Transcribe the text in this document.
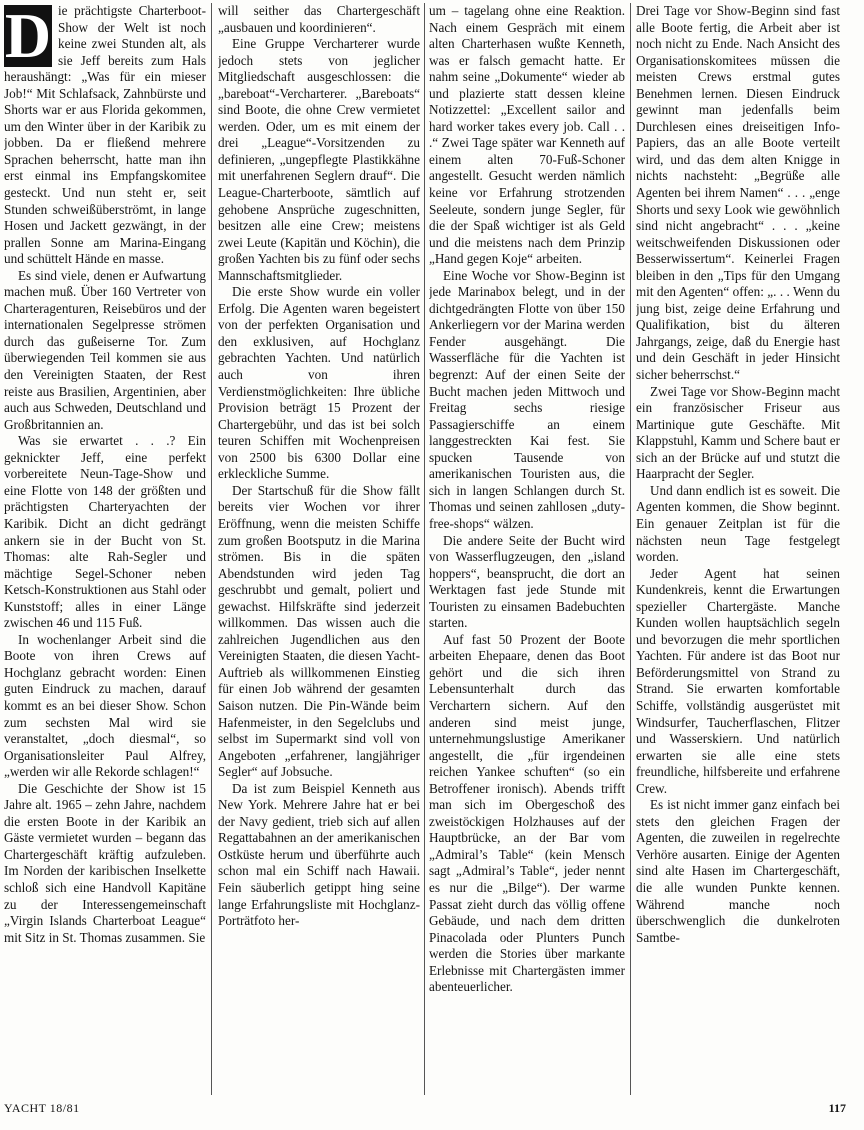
D ie prächtigste Charterboot-Show der Welt ist noch keine zwei Stunden alt, als sie Jeff bereits zum Hals heraushängt: „Was für ein mieser Job!“ Mit Schlafsack, Zahnbürste und Shorts war er aus Florida gekommen, um den Winter über in der Karibik zu jobben. Da er fließend mehrere Sprachen beherrscht, hatte man ihn erst einmal ins Empfangskomitee gesteckt. Und nun steht er, seit Stunden schweißüberströmt, in lange Hosen und Jackett gezwängt, in der prallen Sonne am Marina-Eingang und schüttelt Hände en masse.

Es sind viele, denen er Aufwartung machen muß. Über 160 Vertreter von Charteragenturen, Reisebüros und der internationalen Segelpresse strömen durch das gußeiserne Tor. Zum überwiegenden Teil kommen sie aus den Vereinigten Staaten, der Rest reiste aus Brasilien, Argentinien, aber auch aus Schweden, Deutschland und Großbritannien an.

Was sie erwartet . . .? Ein geknickter Jeff, eine perfekt vorbereitete Neun-Tage-Show und eine Flotte von 148 der größten und prächtigsten Charteryachten der Karibik. Dicht an dicht gedrängt ankern sie in der Bucht von St. Thomas: alte Rah-Segler und mächtige Segel-Schoner neben Ketsch-Konstruktionen aus Stahl oder Kunststoff; alles in einer Länge zwischen 46 und 115 Fuß.

In wochenlanger Arbeit sind die Boote von ihren Crews auf Hochglanz gebracht worden: Einen guten Eindruck zu machen, darauf kommt es an bei dieser Show. Schon zum sechsten Mal wird sie veranstaltet, „doch diesmal“, so Organisationsleiter Paul Alfrey, „werden wir alle Rekorde schlagen!“

Die Geschichte der Show ist 15 Jahre alt. 1965 – zehn Jahre, nachdem die ersten Boote in der Karibik an Gäste vermietet wurden – begann das Chartergeschäft kräftig aufzuleben. Im Norden der karibischen Inselkette schloß sich eine Handvoll Kapitäne zu der Interessengemeinschaft „Virgin Islands Charterboat League“ mit Sitz in St. Thomas zusammen. Sie

will seither das Chartergeschäft „ausbauen und koordinieren“.

Eine Gruppe Vercharterer wurde jedoch stets von jeglicher Mitgliedschaft ausgeschlossen: die „bareboat“-Vercharterer. „Bareboats“ sind Boote, die ohne Crew vermietet werden. Oder, um es mit einem der drei „League“-Vorsitzenden zu definieren, „ungepflegte Plastikkähne mit unerfahrenen Seglern drauf“. Die League-Charterboote, sämtlich auf gehobene Ansprüche zugeschnitten, besitzen alle eine Crew; meistens zwei Leute (Kapitän und Köchin), die großen Yachten bis zu fünf oder sechs Mannschaftsmitglieder.

Die erste Show wurde ein voller Erfolg. Die Agenten waren begeistert von der perfekten Organisation und den exklusiven, auf Hochglanz gebrachten Yachten. Und natürlich auch von ihren Verdienstmöglichkeiten: Ihre übliche Provision beträgt 15 Prozent der Chartergebühr, und das ist bei solch teuren Schiffen mit Wochenpreisen von 2500 bis 6300 Dollar eine erkleckliche Summe.

Der Startschuß für die Show fällt bereits vier Wochen vor ihrer Eröffnung, wenn die meisten Schiffe zum großen Bootsputz in die Marina strömen. Bis in die späten Abendstunden wird jeden Tag geschrubbt und gemalt, poliert und gewachst. Hilfskräfte sind jederzeit willkommen. Das wissen auch die zahlreichen Jugendlichen aus den Vereinigten Staaten, die diesen Yacht-Auftrieb als willkommenen Einstieg für einen Job während der gesamten Saison nutzen. Die Pin-Wände beim Hafenmeister, in den Segelclubs und selbst im Supermarkt sind voll von Angeboten „erfahrener, langjähriger Segler“ auf Jobsuche.

Da ist zum Beispiel Kenneth aus New York. Mehrere Jahre hat er bei der Navy gedient, trieb sich auf allen Regattabahnen an der amerikanischen Ostküste herum und überführte auch schon mal ein Schiff nach Hawaii. Fein säuberlich getippt hing seine lange Erfahrungsliste mit Hochglanz-Porträtfoto her-

um – tagelang ohne eine Reaktion. Nach einem Gespräch mit einem alten Charterhasen wußte Kenneth, was er falsch gemacht hatte. Er nahm seine „Dokumente“ wieder ab und plazierte statt dessen kleine Notizzettel: „Excellent sailor and hard worker takes every job. Call . . .“ Zwei Tage später war Kenneth auf einem alten 70-Fuß-Schoner angestellt. Gesucht werden nämlich keine vor Erfahrung strotzenden Seeleute, sondern junge Segler, für die der Spaß wichtiger ist als Geld und die meistens nach dem Prinzip „Hand gegen Koje“ arbeiten.

Eine Woche vor Show-Beginn ist jede Marinabox belegt, und in der dichtgedrängten Flotte von über 150 Ankerliegern vor der Marina werden Fender ausgehängt. Die Wasserfläche für die Yachten ist begrenzt: Auf der einen Seite der Bucht machen jeden Mittwoch und Freitag sechs riesige Passagierschiffe an einem langgestreckten Kai fest. Sie spucken Tausende von amerikanischen Touristen aus, die sich in langen Schlangen durch St. Thomas und seinen zahllosen „duty-free-shops“ wälzen.

Die andere Seite der Bucht wird von Wasserflugzeugen, den „island hoppers“, beansprucht, die dort an Werktagen fast jede Stunde mit Touristen zu einsamen Badebuchten starten.

Auf fast 50 Prozent der Boote arbeiten Ehepaare, denen das Boot gehört und die sich ihren Lebensunterhalt durch das Verchartern sichern. Auf den anderen sind meist junge, unternehmungslustige Amerikaner angestellt, die „für irgendeinen reichen Yankee schuften“ (so ein Betroffener ironisch). Abends trifft man sich im Obergeschoß des zweistöckigen Holzhauses auf der Hauptbrücke, an der Bar vom „Admiral’s Table“ (kein Mensch sagt „Admiral’s Table“, jeder nennt es nur die „Bilge“). Der warme Passat zieht durch das völlig offene Gebäude, und nach dem dritten Pinacolada oder Plunters Punch werden die Stories über markante Erlebnisse mit Chartergästen immer abenteuerlicher.

Drei Tage vor Show-Beginn sind fast alle Boote fertig, die Arbeit aber ist noch nicht zu Ende. Nach Ansicht des Organisationskomitees müssen die meisten Crews erstmal gutes Benehmen lernen. Diesen Eindruck gewinnt man jedenfalls beim Durchlesen eines dreiseitigen Info-Papiers, das an alle Boote verteilt wird, und das dem alten Knigge in nichts nachsteht: „Begrüße alle Agenten bei ihrem Namen“ . . . „enge Shorts und sexy Look wie gewöhnlich sind nicht angebracht“ . . . „keine weitschweifenden Diskussionen oder Besserwissertum“. Keinerlei Fragen bleiben in den „Tips für den Umgang mit den Agenten“ offen: „. . . Wenn du jung bist, zeige deine Erfahrung und Qualifikation, bist du älteren Jahrgangs, zeige, daß du Energie hast und dein Geschäft in jeder Hinsicht sicher beherrschst.“

Zwei Tage vor Show-Beginn macht ein französischer Friseur aus Martinique gute Geschäfte. Mit Klappstuhl, Kamm und Schere baut er sich an der Brücke auf und stutzt die Haarpracht der Segler.

Und dann endlich ist es soweit. Die Agenten kommen, die Show beginnt. Ein genauer Zeitplan ist für die nächsten neun Tage festgelegt worden.

Jeder Agent hat seinen Kundenkreis, kennt die Erwartungen spezieller Chartergäste. Manche Kunden wollen hauptsächlich segeln und bevorzugen die mehr sportlichen Yachten. Für andere ist das Boot nur Beförderungsmittel von Strand zu Strand. Sie erwarten komfortable Schiffe, vollständig ausgerüstet mit Windsurfer, Taucherflaschen, Flitzer und Wasserskiern. Und natürlich erwarten sie alle eine stets freundliche, hilfsbereite und erfahrene Crew.

Es ist nicht immer ganz einfach bei stets den gleichen Fragen der Agenten, die zuweilen in regelrechte Verhöre ausarten. Einige der Agenten sind alte Hasen im Chartergeschäft, die alle wunden Punkte kennen. Während manche noch überschwenglich die dunkelroten Samtbe-

YACHT 18/81	117
